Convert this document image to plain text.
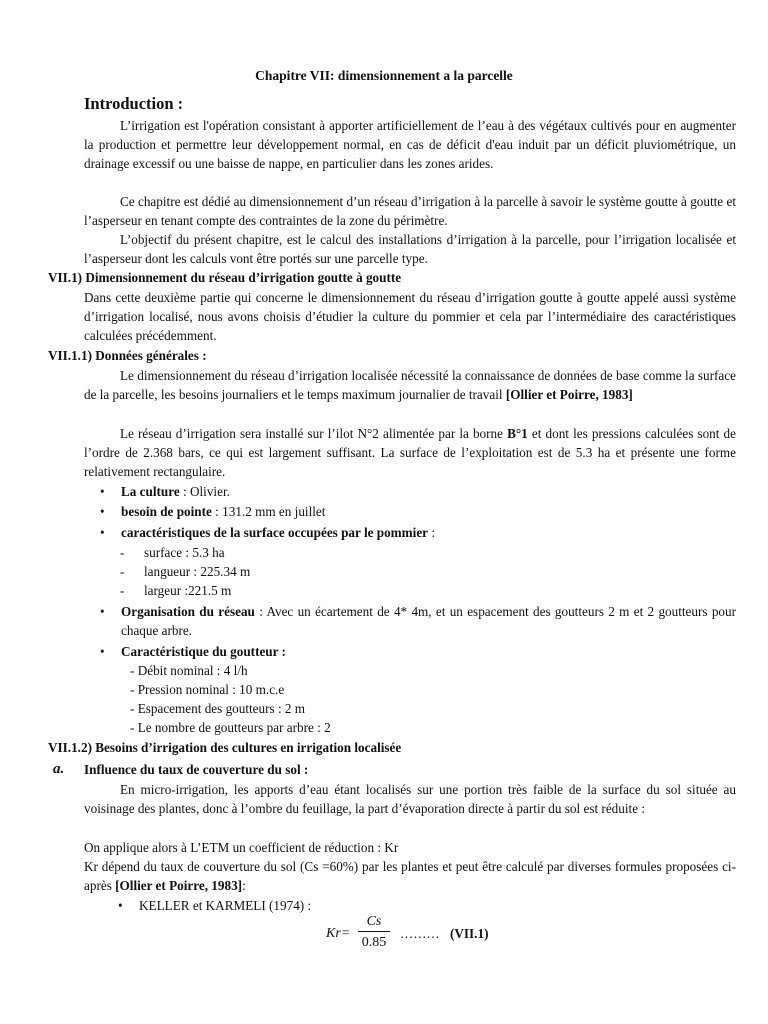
Chapitre VII: dimensionnement a la parcelle
Introduction :
L’irrigation est l'opération consistant à apporter artificiellement de l’eau à des végétaux cultivés pour en augmenter la production et permettre leur développement normal, en cas de déficit d'eau induit par un déficit pluviométrique, un drainage excessif ou une baisse de nappe, en particulier dans les zones arides.
Ce chapitre est dédié au dimensionnement d’un réseau d’irrigation à la parcelle à savoir le système goutte à goutte et l’asperseur en tenant compte des contraintes de la zone du périmètre.
L’objectif du présent chapitre, est le calcul des installations d’irrigation à la parcelle, pour l’irrigation localisée et l’asperseur dont les calculs vont être portés sur une parcelle type.
VII.1) Dimensionnement du réseau d’irrigation goutte à goutte
Dans cette deuxième partie qui concerne le dimensionnement du réseau d’irrigation goutte à goutte appelé aussi système d’irrigation localisé, nous avons choisis d’étudier la culture du pommier et cela par l’intermédiaire des caractéristiques calculées précédemment.
VII.1.1) Données générales :
Le dimensionnement du réseau d’irrigation localisée nécessité la connaissance de données de base comme la surface de la parcelle, les besoins journaliers et le temps maximum journalier de travail [Ollier et Poirre, 1983]
Le réseau d’irrigation sera installé sur l’ilot N°2 alimentée par la borne B°1 et dont les pressions calculées sont de l’ordre de 2.368 bars, ce qui est largement suffisant. La surface de l’exploitation est de 5.3 ha et présente une forme relativement rectangulaire.
• La culture : Olivier.
• besoin de pointe : 131.2 mm en juillet
• caractéristiques de la surface occupées par le pommier :
- surface : 5.3 ha
- langueur : 225.34 m
- largeur :221.5 m
• Organisation du réseau : Avec un écartement de 4* 4m, et un espacement des goutteurs 2 m et 2 goutteurs pour chaque arbre.
• Caractéristique du goutteur :
- Débit nominal : 4 l/h
- Pression nominal : 10 m.c.e
- Espacement des goutteurs : 2 m
- Le nombre de goutteurs par arbre : 2
VII.1.2) Besoins d’irrigation des cultures en irrigation localisée
a. Influence du taux de couverture du sol :
En micro-irrigation, les apports d’eau étant localisés sur une portion très faible de la surface du sol située au voisinage des plantes, donc à l’ombre du feuillage, la part d’évaporation directe à partir du sol est réduite :
On applique alors à L’ETM un coefficient de réduction : Kr
Kr dépend du taux de couverture du sol (Cs =60%) par les plantes et peut être calculé par diverses formules proposées ci-après [Ollier et Poirre, 1983]:
• KELLER et KARMELI (1974) :
Kr=
Cs
0.85
……… (VII.1)
